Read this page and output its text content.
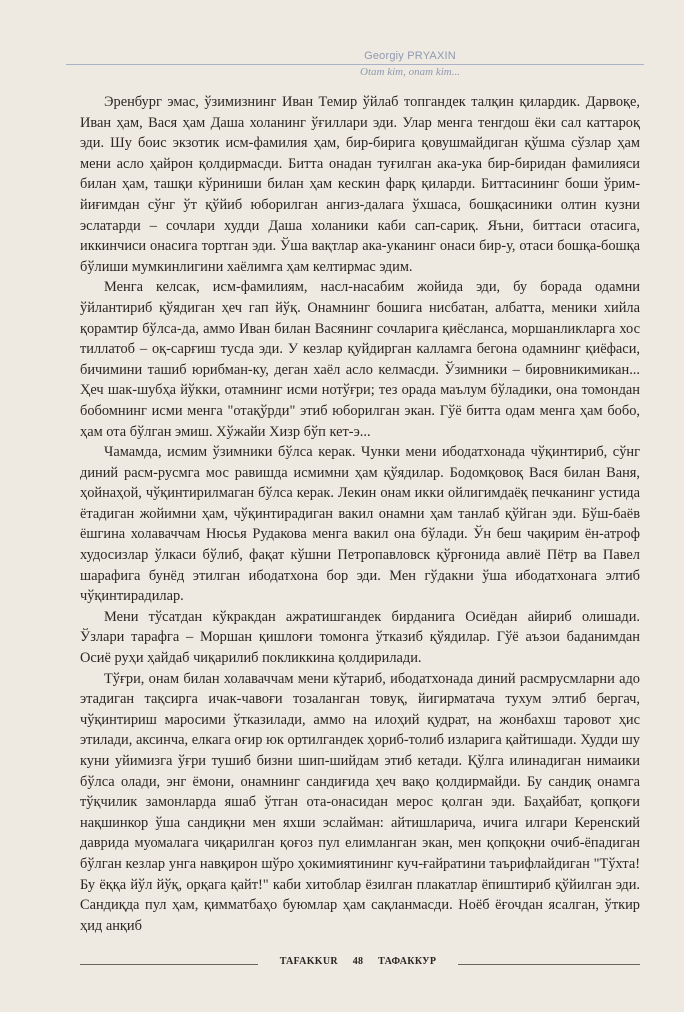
Georgiy PRYAXIN
Otam kim, onam kim...

Эренбург эмас, ўзимизнинг Иван Темир ўйлаб топгандек талқин қилардик. Дарвоқе, Иван ҳам, Вася ҳам Даша холанинг ўғиллари эди. Улар менга тенгдош ёки сал каттароқ эди. Шу боис экзотик исм-фамилия ҳам, бир-бирига қовушмайдиган қўшма сўзлар ҳам мени асло ҳайрон қолдирмасди. Битта онадан туғилган ака-ука бир-биридан фамилияси билан ҳам, ташқи кўриниши билан ҳам кескин фарқ қиларди. Биттасининг боши ўрим-йиғимдан сўнг ўт қўйиб юборилган ангиз-далага ўхшаса, бошқасиники олтин кузни эслатарди – сочлари худди Даша холаники каби сап-сариқ. Яъни, биттаси отасига, иккинчиси онасига тортган эди. Ўша вақтлар ака-уканинг онаси бир-у, отаси бошқа-бошқа бўлиши мумкинлигини хаёлимга ҳам келтирмас эдим.

Менга келсак, исм-фамилиям, насл-насабим жойида эди, бу борада одамни ўйлантириб қўядиган ҳеч гап йўқ. Онамнинг бошига нисбатан, албатта, меники хийла қорамтир бўлса-да, аммо Иван билан Васянинг сочларига қиёсланса, моршанликларга хос тиллатоб – оқ-сарғиш тусда эди. У кезлар қуйдирган калламга бегона одамнинг қиёфаси, бичимини ташиб юрибман-ку, деган хаёл асло келмасди. Ўзимники – бировникимикан... Ҳеч шак-шубҳа йўкки, отамнинг исми нотўғри; тез орада маълум бўладики, она томондан бобомнинг исми менга "отақўрди" этиб юборилган экан. Гўё битта одам менга ҳам бобо, ҳам ота бўлган эмиш. Хўжайи Хизр бўп кет-э...

Чамамда, исмим ўзимники бўлса керак. Чунки мени ибодатхонада чўқинтириб, сўнг диний расм-русмга мос равишда исмимни ҳам қўядилар. Бодомқовоқ Вася билан Ваня, ҳойнаҳой, чўқинтирилмаган бўлса керак. Лекин онам икки ойлигимдаёқ печканинг устида ётадиган жойимни ҳам, чўқинтирадиган вакил онамни ҳам танлаб қўйган эди. Бўш-баёв ёшгина холаваччам Нюсья Рудакова менга вакил она бўлади. Ўн беш чақирим ён-атроф худосизлар ўлкаси бўлиб, фақат кўшни Петропавловск қўрғонида авлиё Пётр ва Павел шарафига бунёд этилган ибодатхона бор эди. Мен гўдакни ўша ибодатхонага элтиб чўқинтирадилар.

Мени тўсатдан кўкракдан ажратишгандек бирданига Осиёдан айириб олишади. Ўзлари тарафга – Моршан қишлоғи томонга ўтказиб қўядилар. Гўё аъзои баданимдан Осиё руҳи ҳайдаб чиқарилиб покликкина қолдирилади.

Тўғри, онам билан холаваччам мени кўтариб, ибодатхонада диний расмрусмларни адо этадиган тақсирга ичак-чавоғи тозаланган товуқ, йигирматача тухум элтиб бергач, чўқинтириш маросими ўтказилади, аммо на илоҳий қудрат, на жонбахш таровот ҳис этилади, аксинча, елкага оғир юк ортилгандек ҳориб-толиб изларига қайтишади. Худди шу куни уйимизга ўғри тушиб бизни шип-шийдам этиб кетади. Қўлга илинадиган нимаики бўлса олади, энг ёмони, онамнинг сандиғида ҳеч вақо қолдирмайди. Бу сандиқ онамга тўқчилик замонларда яшаб ўтган ота-онасидан мерос қолган эди. Баҳайбат, қопқоғи нақшинкор ўша сандиқни мен яхши эслайман: айтишларича, ичига илгари Керенский даврида муомалага чиқарилган қоғоз пул елимланган экан, мен қопқоқни очиб-ёпадиган бўлган кезлар унга навқирон шўро ҳокимиятининг куч-ғайратини таърифлайдиган "Тўхта! Бу ёққа йўл йўқ, орқага қайт!" каби хитоблар ёзилган плакатлар ёпиштириб қўйилган эди. Сандиқда пул ҳам, қимматбаҳо буюмлар ҳам сақланмасди. Ноёб ёғочдан ясалган, ўткир ҳид анқиб

TAFAKKUR 48 ТАФАККУР
